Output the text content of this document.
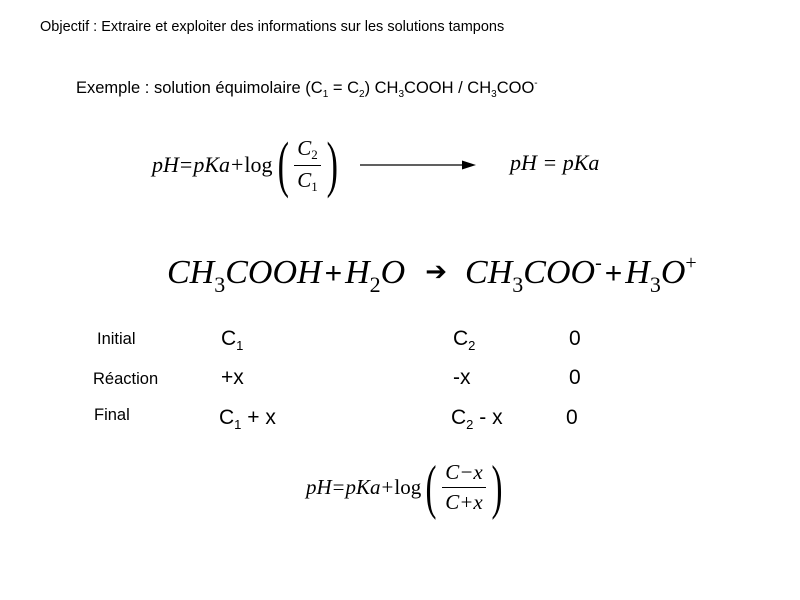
Objectif : Extraire et exploiter des informations sur les solutions tampons
Exemple : solution équimolaire $(C_1 = C_2)$ $CH_3COOH / CH_3COO^-$
pH = pKa + log ( $\frac{C_2}{C_1}$ )	pH = pKa
$CH_3COOH +H_2O$ ➔ $CH_3COO^- +H_3O^+$
Initial	$C_1$	$C_2$	0
Réaction	+x	-x	0
Final	$C_1 + x$	$C_2$ - x	0
pH = pKa + log ( $\frac{C-x}{C+x}$ )
